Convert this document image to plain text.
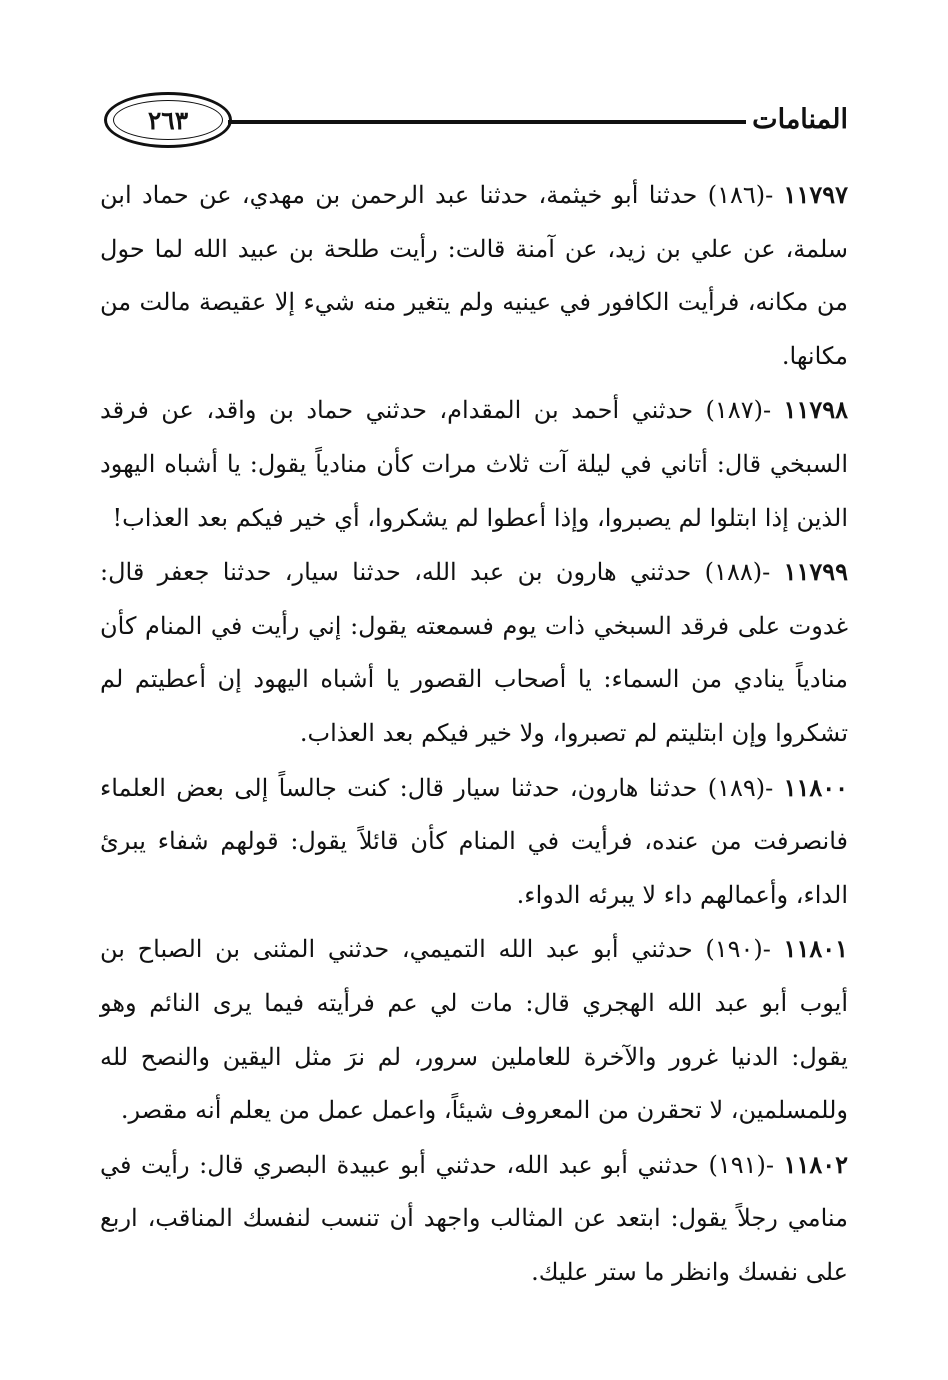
المنامات
٢٦٣

١١٧٩٧ -(١٨٦) حدثنا أبو خيثمة، حدثنا عبد الرحمن بن مهدي، عن حماد ابن سلمة، عن علي بن زيد، عن آمنة قالت: رأيت طلحة بن عبيد الله لما حول من مكانه، فرأيت الكافور في عينيه ولم يتغير منه شيء إلا عقيصة مالت من مكانها.

١١٧٩٨ -(١٨٧) حدثني أحمد بن المقدام، حدثني حماد بن واقد، عن فرقد السبخي قال: أتاني في ليلة آت ثلاث مرات كأن منادياً يقول: يا أشباه اليهود الذين إذا ابتلوا لم يصبروا، وإذا أعطوا لم يشكروا، أي خير فيكم بعد العذاب!

١١٧٩٩ -(١٨٨) حدثني هارون بن عبد الله، حدثنا سيار، حدثنا جعفر قال: غدوت على فرقد السبخي ذات يوم فسمعته يقول: إني رأيت في المنام كأن منادياً ينادي من السماء: يا أصحاب القصور يا أشباه اليهود إن أعطيتم لم تشكروا وإن ابتليتم لم تصبروا، ولا خير فيكم بعد العذاب.

١١٨٠٠ -(١٨٩) حدثنا هارون، حدثنا سيار قال: كنت جالساً إلى بعض العلماء فانصرفت من عنده، فرأيت في المنام كأن قائلاً يقول: قولهم شفاء يبرئ الداء، وأعمالهم داء لا يبرئه الدواء.

١١٨٠١ -(١٩٠) حدثني أبو عبد الله التميمي، حدثني المثنى بن الصباح بن أيوب أبو عبد الله الهجري قال: مات لي عم فرأيته فيما يرى النائم وهو يقول: الدنيا غرور والآخرة للعاملين سرور، لم نرَ مثل اليقين والنصح لله وللمسلمين، لا تحقرن من المعروف شيئاً، واعمل عمل من يعلم أنه مقصر.

١١٨٠٢ -(١٩١) حدثني أبو عبد الله، حدثني أبو عبيدة البصري قال: رأيت في منامي رجلاً يقول: ابتعد عن المثالب واجهد أن تنسب لنفسك المناقب، اربع على نفسك وانظر ما ستر عليك.
